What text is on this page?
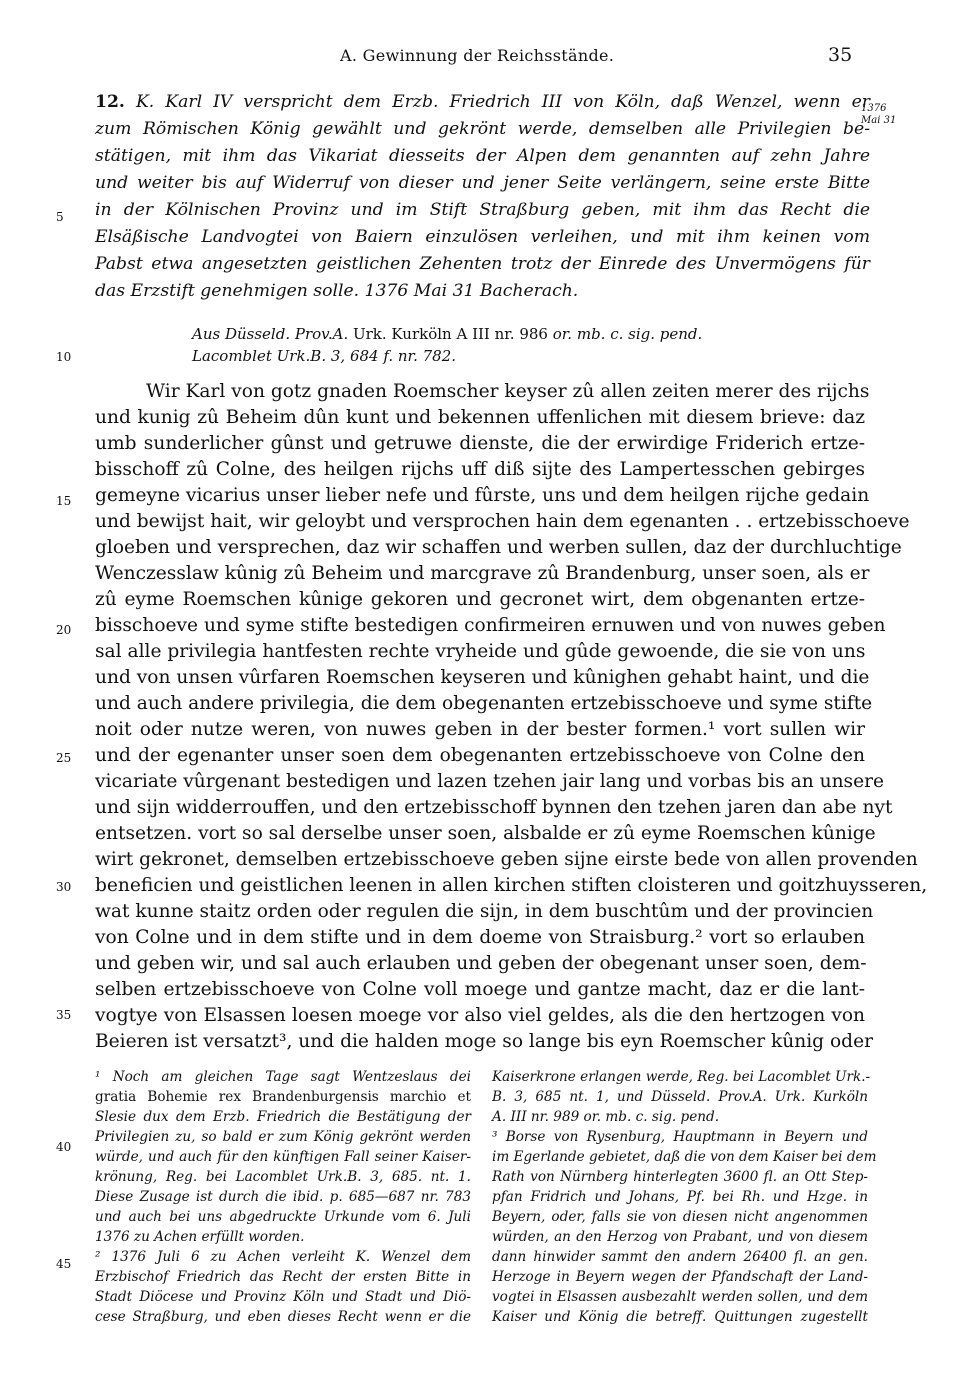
A. Gewinnung der Reichsstände.	35
12. K. Karl IV verspricht dem Erzb. Friedrich III von Köln, daß Wenzel, wenn er
zum Römischen König gewählt und gekrönt werde, demselben alle Privilegien be-
stätigen, mit ihm das Vikariat diesseits der Alpen dem genannten auf zehn Jahre
und weiter bis auf Widerruf von dieser und jener Seite verlängern, seine erste Bitte
in der Kölnischen Provinz und im Stift Straßburg geben, mit ihm das Recht die
Elsäßische Landvogtei von Baiern einzulösen verleihen, und mit ihm keinen vom
Pabst etwa angesetzten geistlichen Zehenten trotz der Einrede des Unvermögens für
das Erzstift genehmigen solle. 1376 Mai 31 Bacherach.
1376
Mai 31
Aus Düsseld. Prov.A. Urk. Kurköln A III nr. 986 or. mb. c. sig. pend.
Lacomblet Urk.B. 3, 684 f. nr. 782.
5
10
15
20
25
30
35
40
45
Wir Karl von gotz gnaden Roemscher keyser zû allen zeiten merer des rijchs
und kunig zû Beheim dûn kunt und bekennen uffenlichen mit diesem brieve: daz
umb sunderlicher gûnst und getruwe dienste, die der erwirdige Friderich ertze-
bisschoff zû Colne, des heilgen rijchs uff diß sijte des Lampertesschen gebirges
gemeyne vicarius unser lieber nefe und fûrste, uns und dem heilgen rijche gedain
und bewijst hait, wir geloybt und versprochen hain dem egenanten . . ertzebisschoeve
gloeben und versprechen, daz wir schaffen und werben sullen, daz der durchluchtige
Wenczesslaw kûnig zû Beheim und marcgrave zû Brandenburg, unser soen, als er
zû eyme Roemschen kûnige gekoren und gecronet wirt, dem obgenanten ertze-
bisschoeve und syme stifte bestedigen confirmeiren ernuwen und von nuwes geben
sal alle privilegia hantfesten rechte vryheide und gûde gewoende, die sie von uns
und von unsen vûrfaren Roemschen keyseren und kûnighen gehabt haint, und die
und auch andere privilegia, die dem obegenanten ertzebisschoeve und syme stifte
noit oder nutze weren, von nuwes geben in der bester formen.¹ vort sullen wir
und der egenanter unser soen dem obegenanten ertzebisschoeve von Colne den
vicariate vûrgenant bestedigen und lazen tzehen jair lang und vorbas bis an unsere
und sijn widderrouffen, und den ertzebisschoff bynnen den tzehen jaren dan abe nyt
entsetzen. vort so sal derselbe unser soen, alsbalde er zû eyme Roemschen kûnige
wirt gekronet, demselben ertzebisschoeve geben sijne eirste bede von allen provenden
beneficien und geistlichen leenen in allen kirchen stiften cloisteren und goitzhuysseren,
wat kunne staitz orden oder regulen die sijn, in dem buschtûm und der provincien
von Colne und in dem stifte und in dem doeme von Straisburg.² vort so erlauben
und geben wir, und sal auch erlauben und geben der obegenant unser soen, dem-
selben ertzebisschoeve von Colne voll moege und gantze macht, daz er die lant-
vogtye von Elsassen loesen moege vor also viel geldes, als die den hertzogen von
Beieren ist versatzt³, und die halden moge so lange bis eyn Roemscher kûnig oder
¹ Noch am gleichen Tage sagt Wentzeslaus dei
gratia Bohemie rex Brandenburgensis marchio et
Slesie dux dem Erzb. Friedrich die Bestätigung der
Privilegien zu, so bald er zum König gekrönt werden
würde, und auch für den künftigen Fall seiner Kaiser-
krönung, Reg. bei Lacomblet Urk.B. 3, 685. nt. 1.
Diese Zusage ist durch die ibid. p. 685—687 nr. 783
und auch bei uns abgedruckte Urkunde vom 6. Juli
1376 zu Achen erfüllt worden.
² 1376 Juli 6 zu Achen verleiht K. Wenzel dem
Erzbischof Friedrich das Recht der ersten Bitte in
Stadt Diöcese und Provinz Köln und Stadt und Diö-
cese Straßburg, und eben dieses Recht wenn er die
Kaiserkrone erlangen werde, Reg. bei Lacomblet Urk.-
B. 3, 685 nt. 1, und Düsseld. Prov.A. Urk. Kurköln
A. III nr. 989 or. mb. c. sig. pend.
³ Borse von Rysenburg, Hauptmann in Beyern und
im Egerlande gebietet, daß die von dem Kaiser bei dem
Rath von Nürnberg hinterlegten 3600 fl. an Ott Step-
pfan Fridrich und Johans, Pf. bei Rh. und Hzge. in
Beyern, oder, falls sie von diesen nicht angenommen
würden, an den Herzog von Prabant, und von diesem
dann hinwider sammt den andern 26400 fl. an gen.
Herzoge in Beyern wegen der Pfandschaft der Land-
vogtei in Elsassen ausbezahlt werden sollen, und dem
Kaiser und König die betreff. Quittungen zugestellt
